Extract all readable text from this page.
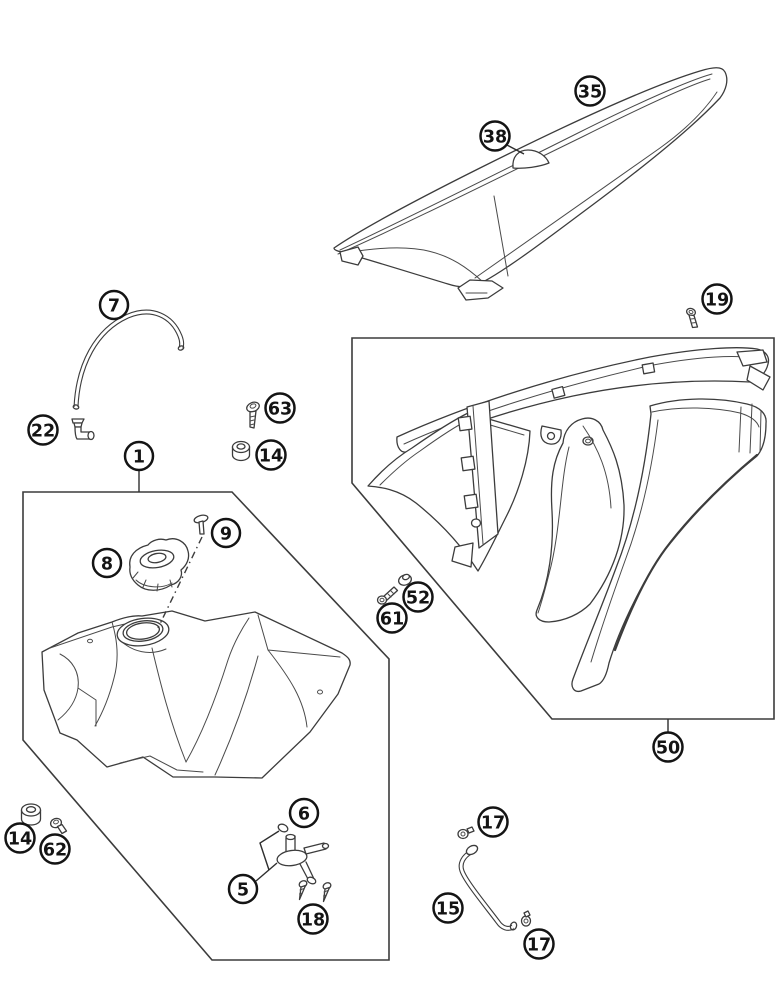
35
38
19
7
22
63
14
1
9
8
52
61
50
14
62
6
5
18
15
17
17
